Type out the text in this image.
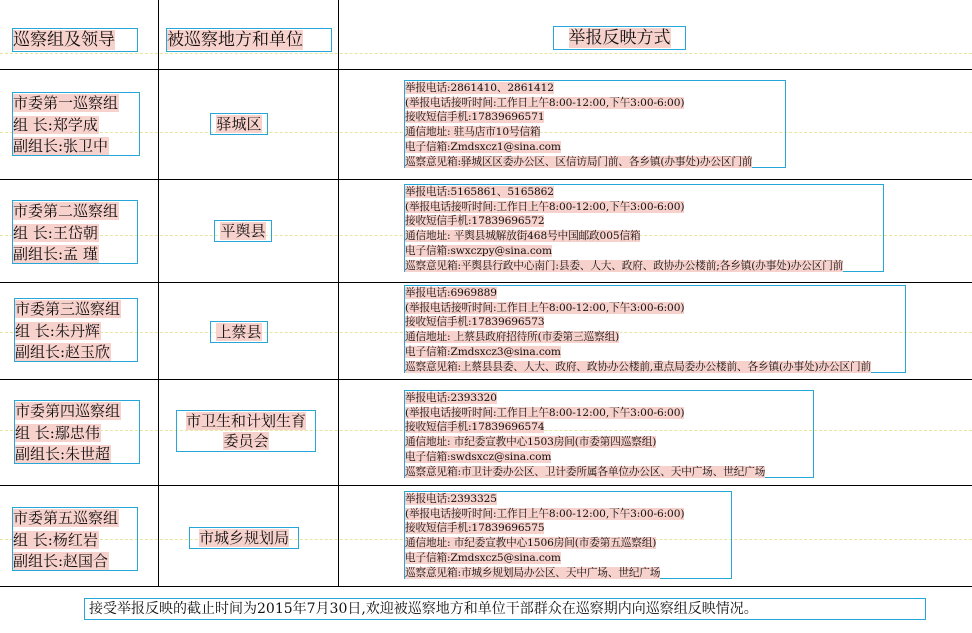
巡察组及领导	被巡察地方和单位	举报反映方式
市委第一巡察组
组 长:郑学成
副组长:张卫中
驿城区
举报电话:2861410、2861412
(举报电话接听时间:工作日上午8:00-12:00,下午3:00-6:00)
接收短信手机:17839696571
通信地址: 驻马店市10号信箱
电子信箱:Zmdsxcz1@sina.com
巡察意见箱:驿城区区委办公区、区信访局门前、各乡镇(办事处)办公区门前
市委第二巡察组
组 长:王岱朝
副组长:孟 瑾
平舆县
举报电话:5165861、5165862
(举报电话接听时间:工作日上午8:00-12:00,下午3:00-6:00)
接收短信手机:17839696572
通信地址: 平舆县城解放街468号中国邮政005信箱
电子信箱:swxczpy@sina.com
巡察意见箱:平舆县行政中心南门:县委、人大、政府、政协办公楼前;各乡镇(办事处)办公区门前
市委第三巡察组
组 长:朱丹辉
副组长:赵玉欣
上蔡县
举报电话:6969889
(举报电话接听时间:工作日上午8:00-12:00,下午3:00-6:00)
接收短信手机:17839696573
通信地址: 上蔡县政府招待所(市委第三巡察组)
电子信箱:Zmdsxcz3@sina.com
巡察意见箱:上蔡县县委、人大、政府、政协办公楼前,重点局委办公楼前、各乡镇(办事处)办公区门前
市委第四巡察组
组 长:鄢忠伟
副组长:朱世超
市卫生和计划生育
委员会
举报电话:2393320
(举报电话接听时间:工作日上午8:00-12:00,下午3:00-6:00)
接收短信手机:17839696574
通信地址: 市纪委宣教中心1503房间(市委第四巡察组)
电子信箱:swdsxcz@sina.com
巡察意见箱:市卫计委办公区、卫计委所属各单位办公区、天中广场、世纪广场
市委第五巡察组
组 长:杨红岩
副组长:赵国合
市城乡规划局
举报电话:2393325
(举报电话接听时间:工作日上午8:00-12:00,下午3:00-6:00)
接收短信手机:17839696575
通信地址: 市纪委宣教中心1506房间(市委第五巡察组)
电子信箱:Zmdsxcz5@sina.com
巡察意见箱:市城乡规划局办公区、天中广场、世纪广场
接受举报反映的截止时间为2015年7月30日,欢迎被巡察地方和单位干部群众在巡察期内向巡察组反映情况。
